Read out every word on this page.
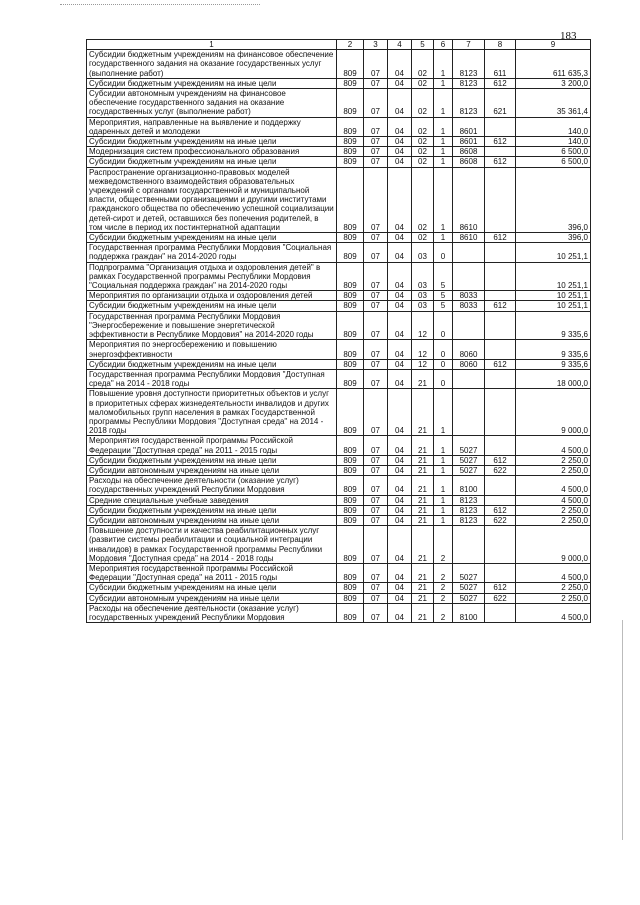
183
1	2	3	4	5	6	7	8	9
Субсидии бюджетным учреждениям на финансовое обеспечение государственного задания на оказание государственных услуг (выполнение работ)	809	07	04	02	1	8123	611	611 635,3
Субсидии бюджетным учреждениям на иные цели	809	07	04	02	1	8123	612	3 200,0
Субсидии автономным учреждениям на финансовое обеспечение государственного задания на оказание государственных услуг (выполнение работ)	809	07	04	02	1	8123	621	35 361,4
Мероприятия, направленные на выявление и поддержку одаренных детей и молодежи	809	07	04	02	1	8601		140,0
Субсидии бюджетным учреждениям на иные цели	809	07	04	02	1	8601	612	140,0
Модернизация систем профессионального образования	809	07	04	02	1	8608		6 500,0
Субсидии бюджетным учреждениям на иные цели	809	07	04	02	1	8608	612	6 500,0
Распространение организационно-правовых моделей межведомственного взаимодействия образовательных учреждений с органами государственной и муниципальной власти, общественными организациями и другими институтами гражданского общества по обеспечению успешной социализации детей-сирот и детей, оставшихся без попечения родителей, в том числе в период их постинтернатной адаптации	809	07	04	02	1	8610		396,0
Субсидии бюджетным учреждениям на иные цели	809	07	04	02	1	8610	612	396,0
Государственная программа Республики Мордовия "Социальная поддержка граждан" на 2014-2020 годы	809	07	04	03	0			10 251,1
Подпрограмма "Организация отдыха и оздоровления детей" в рамках Государственной программы Республики Мордовия "Социальная поддержка граждан" на 2014-2020 годы	809	07	04	03	5			10 251,1
Мероприятия по организации отдыха и оздоровления детей	809	07	04	03	5	8033		10 251,1
Субсидии бюджетным учреждениям на иные цели	809	07	04	03	5	8033	612	10 251,1
Государственная программа Республики Мордовия "Энергосбережение и повышение энергетической эффективности в Республике Мордовия" на 2014-2020 годы	809	07	04	12	0			9 335,6
Мероприятия по энергосбережению и повышению энергоэффективности	809	07	04	12	0	8060		9 335,6
Субсидии бюджетным учреждениям на иные цели	809	07	04	12	0	8060	612	9 335,6
Государственная программа Республики Мордовия "Доступная среда" на 2014 - 2018 годы	809	07	04	21	0			18 000,0
Повышение уровня доступности приоритетных объектов и услуг в приоритетных сферах жизнедеятельности инвалидов и других маломобильных групп населения в рамках Государственной программы Республики Мордовия "Доступная среда" на 2014 - 2018 годы	809	07	04	21	1			9 000,0
Мероприятия государственной программы Российской Федерации "Доступная среда" на 2011 - 2015 годы	809	07	04	21	1	5027		4 500,0
Субсидии бюджетным учреждениям на иные цели	809	07	04	21	1	5027	612	2 250,0
Субсидии автономным учреждениям на иные цели	809	07	04	21	1	5027	622	2 250,0
Расходы на обеспечение деятельности (оказание услуг) государственных учреждений Республики Мордовия	809	07	04	21	1	8100		4 500,0
Средние специальные учебные заведения	809	07	04	21	1	8123		4 500,0
Субсидии бюджетным учреждениям на иные цели	809	07	04	21	1	8123	612	2 250,0
Субсидии автономным учреждениям на иные цели	809	07	04	21	1	8123	622	2 250,0
Повышение доступности и качества реабилитационных услуг (развитие системы реабилитации и социальной интеграции инвалидов) в рамках Государственной программы Республики Мордовия "Доступная среда" на 2014 - 2018 годы	809	07	04	21	2			9 000,0
Мероприятия государственной программы Российской Федерации "Доступная среда" на 2011 - 2015 годы	809	07	04	21	2	5027		4 500,0
Субсидии бюджетным учреждениям на иные цели	809	07	04	21	2	5027	612	2 250,0
Субсидии автономным учреждениям на иные цели	809	07	04	21	2	5027	622	2 250,0
Расходы на обеспечение деятельности (оказание услуг) государственных учреждений Республики Мордовия	809	07	04	21	2	8100		4 500,0
